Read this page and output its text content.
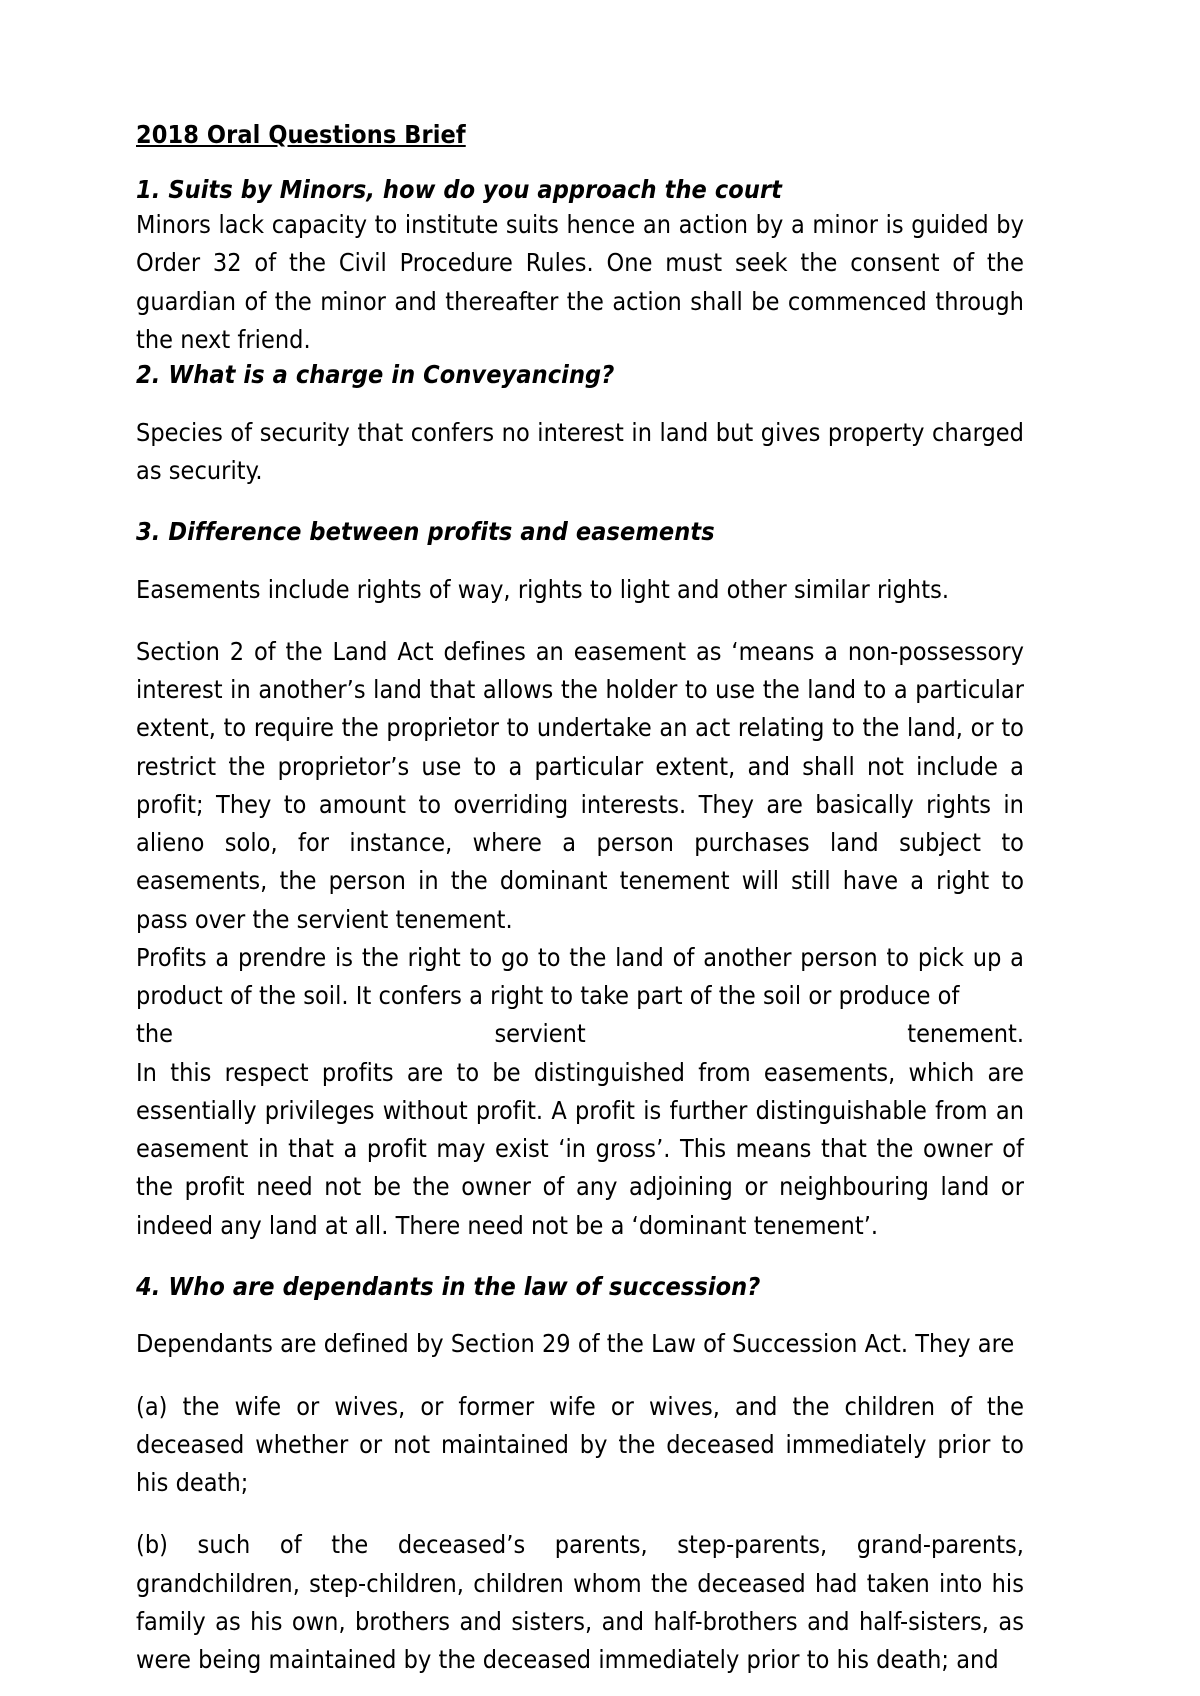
2018 Oral Questions Brief
1. Suits by Minors, how do you approach the court

Minors lack capacity to institute suits hence an action by a minor is guided by Order 32 of the Civil Procedure Rules. One must seek the consent of the guardian of the minor and thereafter the action shall be commenced through the next friend.

2. What is a charge in Conveyancing?

Species of security that confers no interest in land but gives property charged as security.

3. Difference between profits and easements

Easements include rights of way, rights to light and other similar rights.

Section 2 of the Land Act defines an easement as ‘means a non-possessory interest in another’s land that allows the holder to use the land to a particular extent, to require the proprietor to undertake an act relating to the land, or to restrict the proprietor’s use to a particular extent, and shall not include a profit; They to amount to overriding interests. They are basically rights in alieno solo, for instance, where a person purchases land subject to easements, the person in the dominant tenement will still have a right to pass over the servient tenement.

Profits a prendre is the right to go to the land of another person to pick up a product of the soil. It confers a right to take part of the soil or produce of

the	servient	tenement.

In this respect profits are to be distinguished from easements, which are essentially privileges without profit. A profit is further distinguishable from an easement in that a profit may exist ‘in gross’. This means that the owner of the profit need not be the owner of any adjoining or neighbouring land or indeed any land at all. There need not be a ‘dominant tenement’.

4. Who are dependants in the law of succession?

Dependants are defined by Section 29 of the Law of Succession Act. They are

(a) the wife or wives, or former wife or wives, and the children of the deceased whether or not maintained by the deceased immediately prior to his death;

(b) such of the deceased’s parents, step-parents, grand-parents, grandchildren, step-children, children whom the deceased had taken into his family as his own, brothers and sisters, and half-brothers and half-sisters, as were being maintained by the deceased immediately prior to his death; and
